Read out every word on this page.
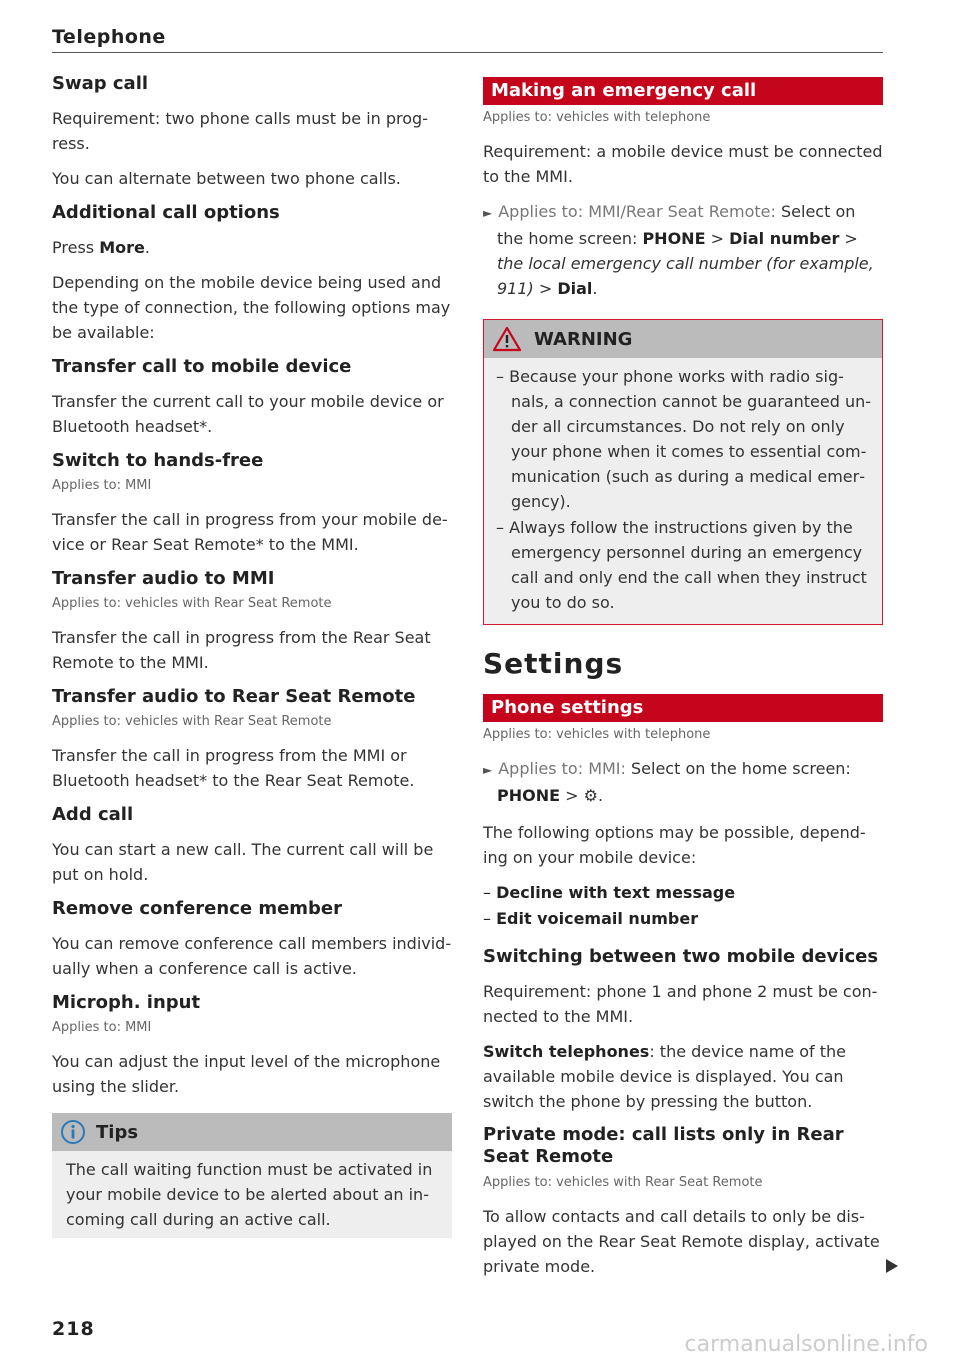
Telephone
Swap call

Requirement: two phone calls must be in progress.

You can alternate between two phone calls.

Additional call options

Press More.

Depending on the mobile device being used and the type of connection, the following options may be available:

Transfer call to mobile device

Transfer the current call to your mobile device or Bluetooth headset*.

Switch to hands-free
Applies to: MMI

Transfer the call in progress from your mobile device or Rear Seat Remote* to the MMI.

Transfer audio to MMI
Applies to: vehicles with Rear Seat Remote

Transfer the call in progress from the Rear Seat Remote to the MMI.

Transfer audio to Rear Seat Remote
Applies to: vehicles with Rear Seat Remote

Transfer the call in progress from the MMI or Bluetooth headset* to the Rear Seat Remote.

Add call

You can start a new call. The current call will be put on hold.

Remove conference member

You can remove conference call members individually when a conference call is active.

Microph. input
Applies to: MMI

You can adjust the input level of the microphone using the slider.

Tips
The call waiting function must be activated in your mobile device to be alerted about an incoming call during an active call.
Making an emergency call
Applies to: vehicles with telephone

Requirement: a mobile device must be connected to the MMI.

► Applies to: MMI/Rear Seat Remote: Select on the home screen: PHONE > Dial number > the local emergency call number (for example, 911) > Dial.
WARNING
– Because your phone works with radio signals, a connection cannot be guaranteed under all circumstances. Do not rely on only your phone when it comes to essential communication (such as during a medical emergency).
– Always follow the instructions given by the emergency personnel during an emergency call and only end the call when they instruct you to do so.
Settings
Phone settings
Applies to: vehicles with telephone
► Applies to: MMI: Select on the home screen:
PHONE > ⚙.

The following options may be possible, depending on your mobile device:

– Decline with text message
– Edit voicemail number
Switching between two mobile devices

Requirement: phone 1 and phone 2 must be connected to the MMI.

Switch telephones: the device name of the available mobile device is displayed. You can switch the phone by pressing the button.

Private mode: call lists only in Rear Seat Remote
Applies to: vehicles with Rear Seat Remote

To allow contacts and call details to only be displayed on the Rear Seat Remote display, activate private mode.

218
carmanualsonline.info
